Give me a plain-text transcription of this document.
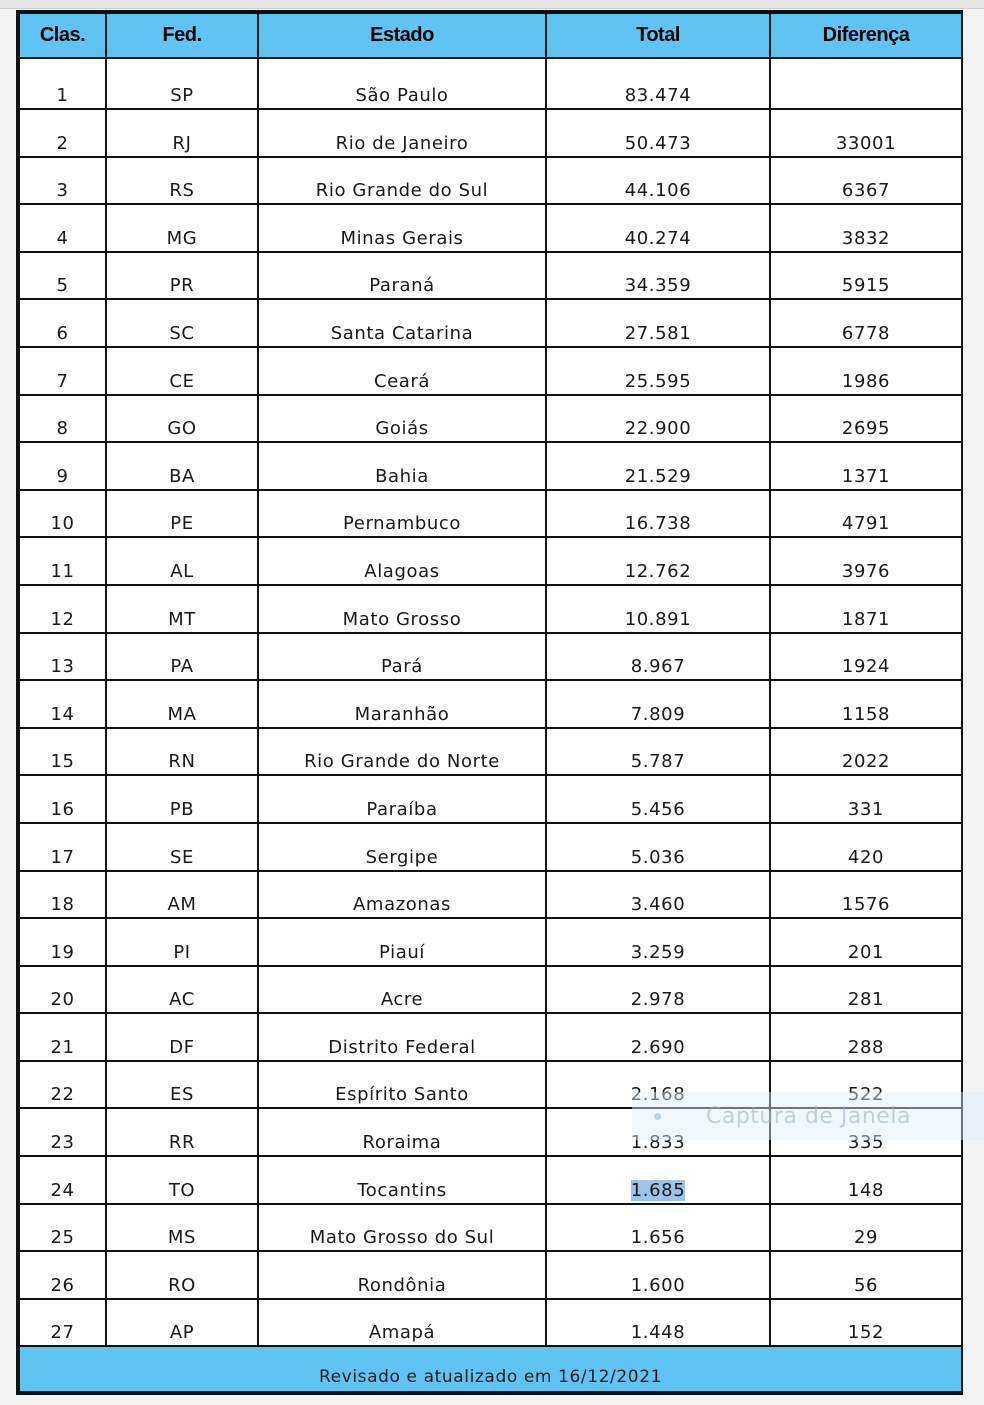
Clas.	Fed.	Estado	Total	Diferença
1	SP	São Paulo	83.474	
2	RJ	Rio de Janeiro	50.473	33001
3	RS	Rio Grande do Sul	44.106	6367
4	MG	Minas Gerais	40.274	3832
5	PR	Paraná	34.359	5915
6	SC	Santa Catarina	27.581	6778
7	CE	Ceará	25.595	1986
8	GO	Goiás	22.900	2695
9	BA	Bahia	21.529	1371
10	PE	Pernambuco	16.738	4791
11	AL	Alagoas	12.762	3976
12	MT	Mato Grosso	10.891	1871
13	PA	Pará	8.967	1924
14	MA	Maranhão	7.809	1158
15	RN	Rio Grande do Norte	5.787	2022
16	PB	Paraíba	5.456	331
17	SE	Sergipe	5.036	420
18	AM	Amazonas	3.460	1576
19	PI	Piauí	3.259	201
20	AC	Acre	2.978	281
21	DF	Distrito Federal	2.690	288
22	ES	Espírito Santo	2.168	522
23	RR	Roraima	1.833	335
24	TO	Tocantins	1.685	148
25	MS	Mato Grosso do Sul	1.656	29
26	RO	Rondônia	1.600	56
27	AP	Amapá	1.448	152
Revisado e atualizado em 16/12/2021				
Captura de Janela
